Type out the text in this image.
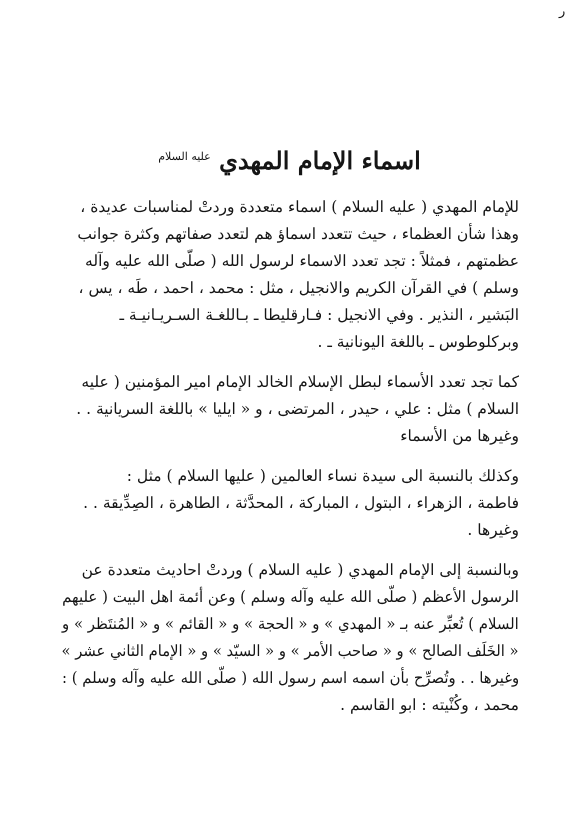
ر
اسماء الإمام المهدي $^{عليه السلام}$
للإمام المهدي ( عليه السلام ) اسماء متعددة وردتْ لمناسبات عديدة ،
وهذا شأن العظماء ، حيث تتعدد اسماؤ هم لتعدد صفاتهم وكثرة جوانب
عظمتهم ، فمثلاً : تجد تعدد الاسماء لرسول الله ( صلّى الله عليه وآله
وسلم ) في القرآن الكريم والانجيل ، مثل : محمد ، احمد ، طَه ، يس ،
البَشير ، النذير . وفي الانجيل : فـارقليطا ـ بـاللغـة السـريـانيـة ـ
وبركلوطوس ـ باللغة اليونانية ـ .
كما تجد تعدد الأسماء لبطل الإسلام الخالد الإمام امير المؤمنين ( عليه
السلام ) مثل : علي ، حيدر ، المرتضى ، و « ايليا » باللغة السريانية . .
وغيرها من الأسماء
وكذلك بالنسبة الى سيدة نساء العالمين ( عليها السلام ) مثل :
فاطمة ، الزهراء ، البتول ، المباركة ، المحدَّثة ، الطاهرة ، الصِدِّيقة . .
وغيرها .
وبالنسبة إلى الإمام المهدي ( عليه السلام ) وردتْ احاديث متعددة عن
الرسول الأعظم ( صلّى الله عليه وآله وسلم ) وعن أئمة اهل البيت ( عليهم
السلام ) تُعبِّر عنه بـ « المهدي » و « الحجة » و « القائم » و « المُنتَظر » و
« الخَلَف الصالح » و « صاحب الأمر » و « السيّد » و « الإمام الثاني عشر »
وغيرها . . وتُصرِّح بأن اسمه اسم رسول الله ( صلّى الله عليه وآله وسلم ) :
محمد ، وكُنْيته : ابو القاسم .
